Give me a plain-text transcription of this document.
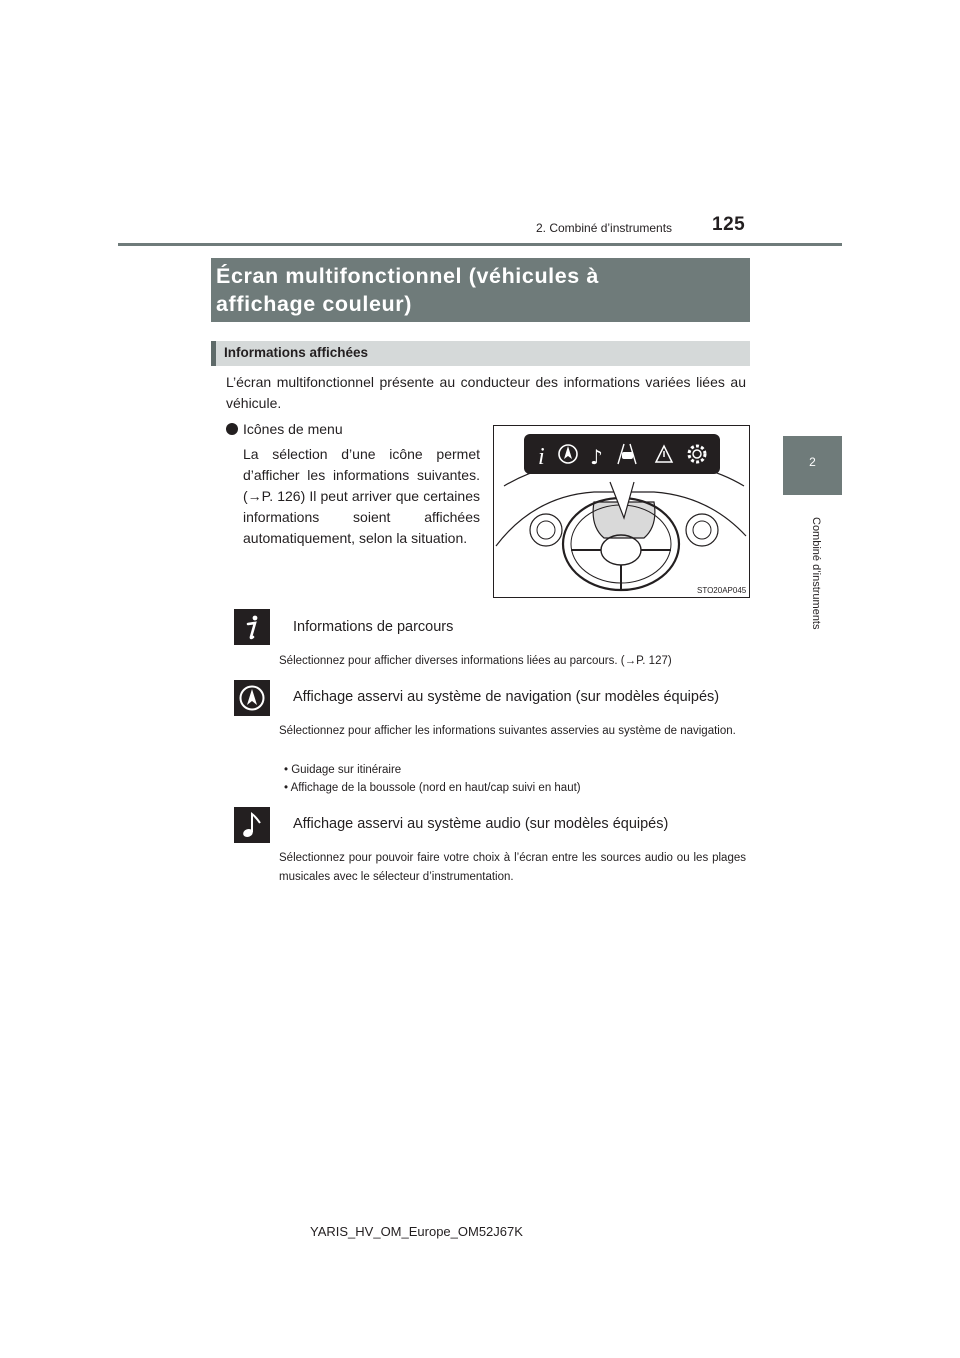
2. Combiné d’instruments 125
2
Combiné d’instruments
Écran multifonctionnel (véhicules à
affichage couleur)
Informations affichées
L’écran multifonctionnel présente au conducteur des informations variées liées au véhicule.
Icônes de menu
La sélection d’une icône permet d’afficher les informations suivantes. (→P. 126) Il peut arriver que certaines informations soient affichées automatiquement, selon la situation.
i ♪
STO20AP045
Informations de parcours
Sélectionnez pour afficher diverses informations liées au parcours. (→P. 127)
Affichage asservi au système de navigation (sur modèles équipés)
Sélectionnez pour afficher les informations suivantes asservies au système de navigation.
• Guidage sur itinéraire
• Affichage de la boussole (nord en haut/cap suivi en haut)
Affichage asservi au système audio (sur modèles équipés)
Sélectionnez pour pouvoir faire votre choix à l’écran entre les sources audio ou les plages musicales avec le sélecteur d’instrumentation.
YARIS_HV_OM_Europe_OM52J67K
